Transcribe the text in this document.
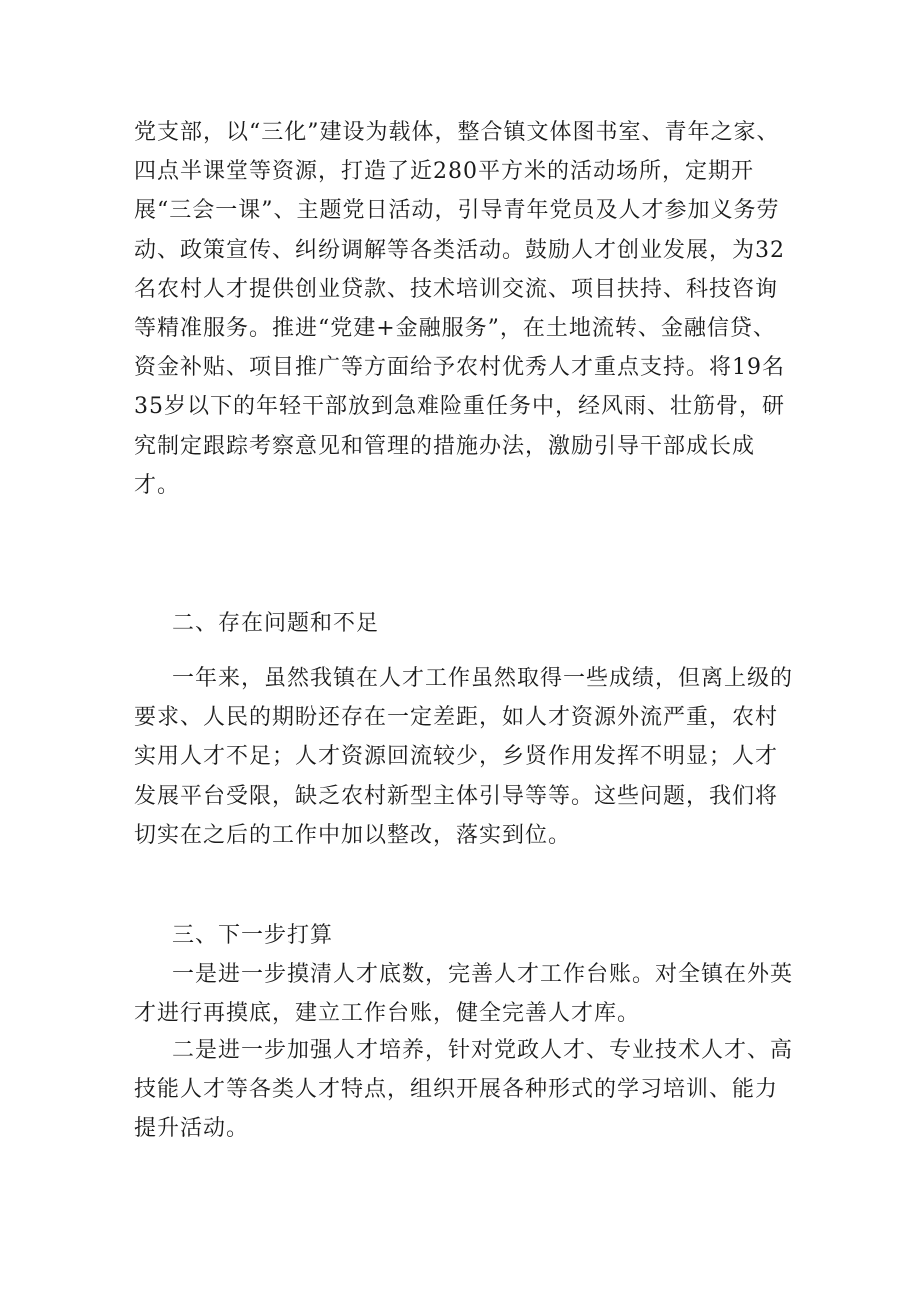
党支部，以“三化”建设为载体，整合镇文体图书室、青年之家、四点半课堂等资源，打造了近280平方米的活动场所，定期开展“三会一课”、主题党日活动，引导青年党员及人才参加义务劳动、政策宣传、纠纷调解等各类活动。鼓励人才创业发展，为32名农村人才提供创业贷款、技术培训交流、项目扶持、科技咨询等精准服务。推进“党建+金融服务”，在土地流转、金融信贷、资金补贴、项目推广等方面给予农村优秀人才重点支持。将19名35岁以下的年轻干部放到急难险重任务中，经风雨、壮筋骨，研究制定跟踪考察意见和管理的措施办法，激励引导干部成长成才。

二、存在问题和不足

一年来，虽然我镇在人才工作虽然取得一些成绩，但离上级的要求、人民的期盼还存在一定差距，如人才资源外流严重，农村实用人才不足；人才资源回流较少，乡贤作用发挥不明显；人才发展平台受限，缺乏农村新型主体引导等等。这些问题，我们将切实在之后的工作中加以整改，落实到位。

三、下一步打算

一是进一步摸清人才底数，完善人才工作台账。对全镇在外英才进行再摸底，建立工作台账，健全完善人才库。

二是进一步加强人才培养，针对党政人才、专业技术人才、高技能人才等各类人才特点，组织开展各种形式的学习培训、能力提升活动。
